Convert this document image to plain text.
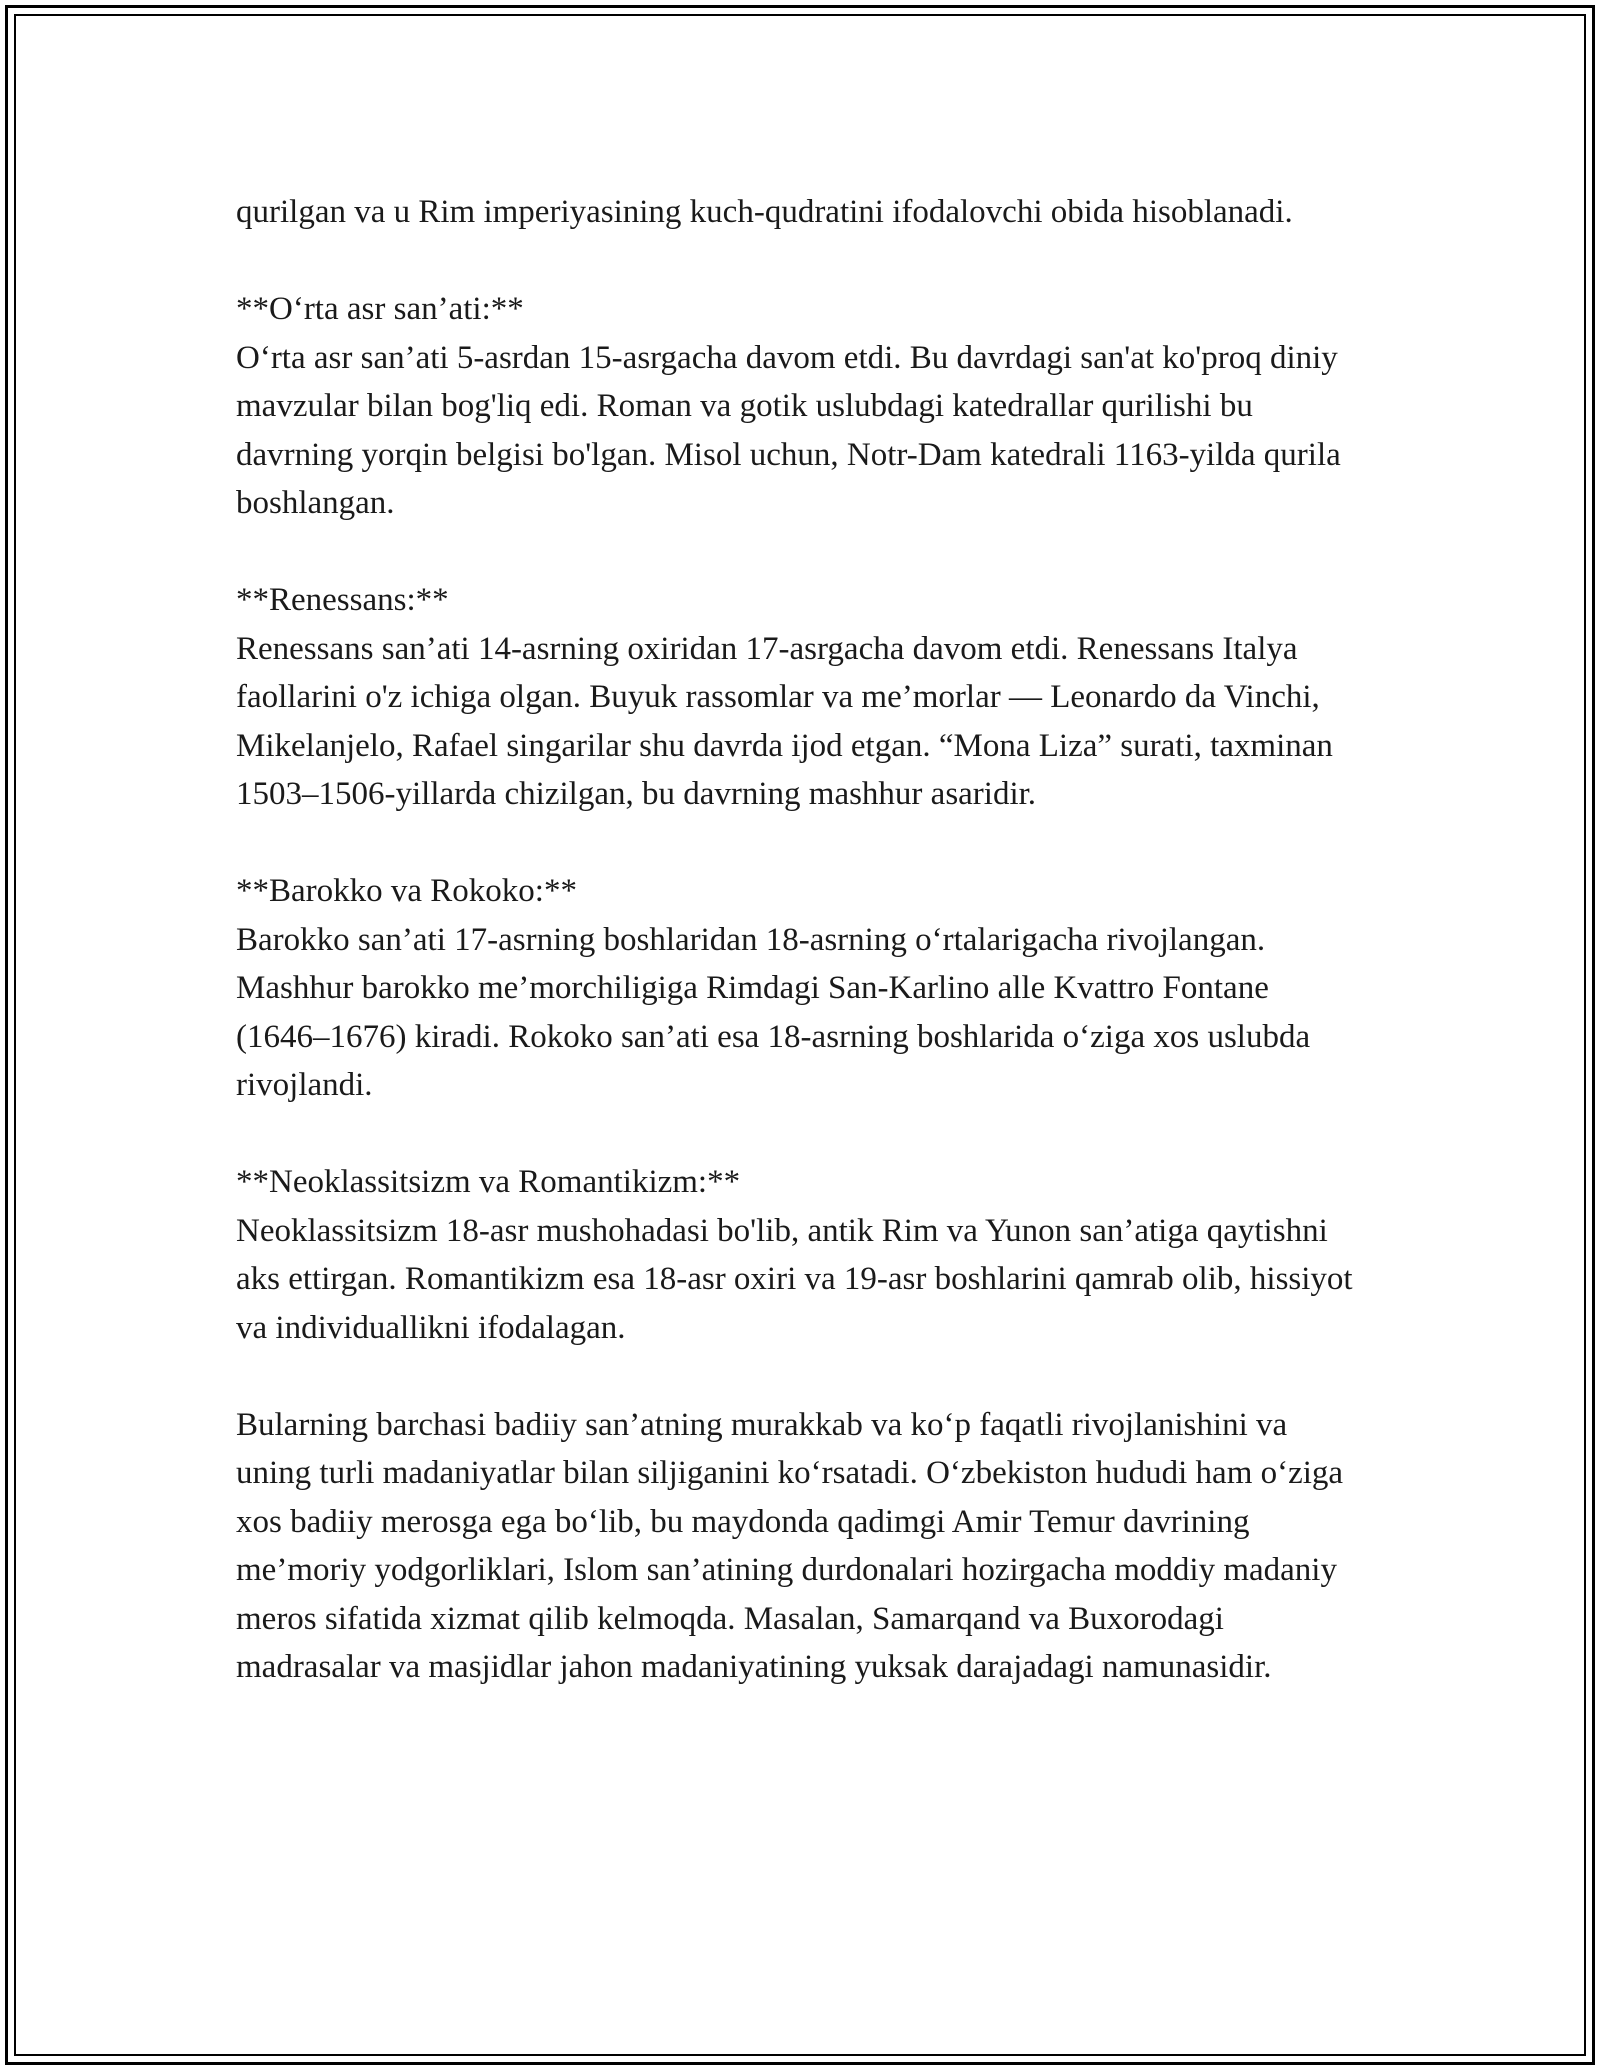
qurilgan va u Rim imperiyasining kuch-qudratini ifodalovchi obida hisoblanadi.

**Oʻrta asr san’ati:**

Oʻrta asr san’ati 5-asrdan 15-asrgacha davom etdi. Bu davrdagi san'at ko'proq diniy mavzular bilan bog'liq edi. Roman va gotik uslubdagi katedrallar qurilishi bu davrning yorqin belgisi bo'lgan. Misol uchun, Notr-Dam katedrali 1163-yilda qurila boshlangan.

**Renessans:**

Renessans san’ati 14-asrning oxiridan 17-asrgacha davom etdi. Renessans Italya faollarini o'z ichiga olgan. Buyuk rassomlar va me’morlar — Leonardo da Vinchi, Mikelanjelo, Rafael singarilar shu davrda ijod etgan. “Mona Liza” surati, taxminan 1503–1506-yillarda chizilgan, bu davrning mashhur asaridir.

**Barokko va Rokoko:**

Barokko san’ati 17-asrning boshlaridan 18-asrning oʻrtalarigacha rivojlangan. Mashhur barokko me’morchiligiga Rimdagi San-Karlino alle Kvattro Fontane (1646–1676) kiradi. Rokoko san’ati esa 18-asrning boshlarida oʻziga xos uslubda rivojlandi.

**Neoklassitsizm va Romantikizm:**

Neoklassitsizm 18-asr mushohadasi bo'lib, antik Rim va Yunon san’atiga qaytishni aks ettirgan. Romantikizm esa 18-asr oxiri va 19-asr boshlarini qamrab olib, hissiyot va individuallikni ifodalagan.

Bularning barchasi badiiy san’atning murakkab va koʻp faqatli rivojlanishini va uning turli madaniyatlar bilan siljiganini koʻrsatadi. Oʻzbekiston hududi ham oʻziga xos badiiy merosga ega boʻlib, bu maydonda qadimgi Amir Temur davrining me’moriy yodgorliklari, Islom san’atining durdonalari hozirgacha moddiy madaniy meros sifatida xizmat qilib kelmoqda. Masalan, Samarqand va Buxorodagi madrasalar va masjidlar jahon madaniyatining yuksak darajadagi namunasidir.
